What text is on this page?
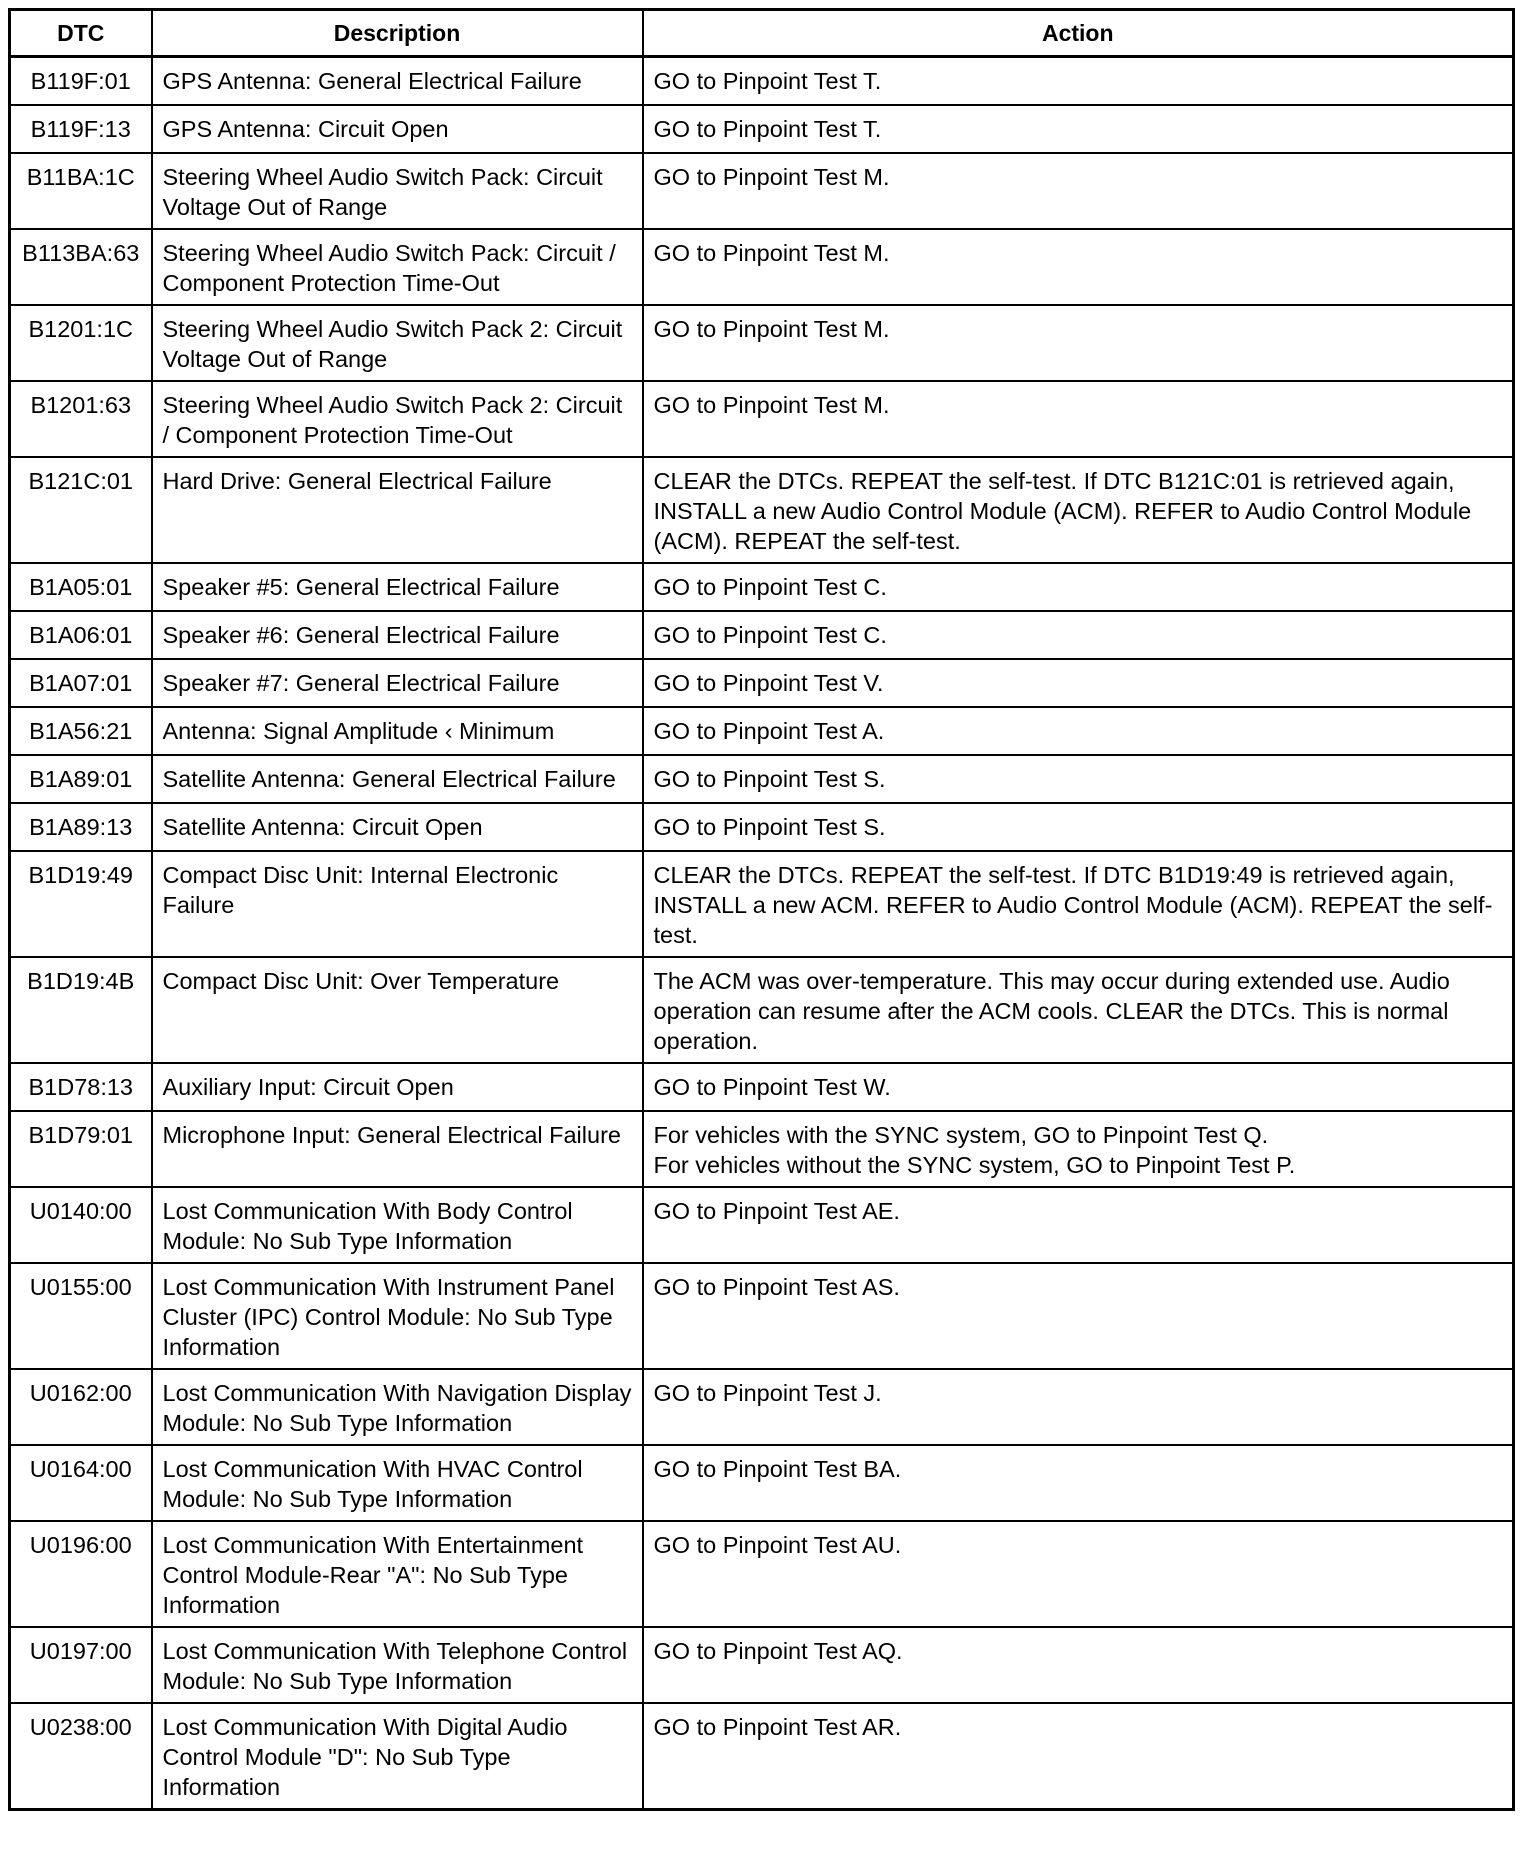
DTC	Description	Action
B119F:01	GPS Antenna: General Electrical Failure	GO to Pinpoint Test T.

B119F:13	GPS Antenna: Circuit Open	GO to Pinpoint Test T.

B11BA:1C	Steering Wheel Audio Switch Pack: Circuit Voltage Out of Range	GO to Pinpoint Test M.

B113BA:63	Steering Wheel Audio Switch Pack: Circuit / Component Protection Time-Out	GO to Pinpoint Test M.

B1201:1C	Steering Wheel Audio Switch Pack 2: Circuit Voltage Out of Range	GO to Pinpoint Test M.

B1201:63	Steering Wheel Audio Switch Pack 2: Circuit / Component Protection Time-Out	GO to Pinpoint Test M.

B121C:01	Hard Drive: General Electrical Failure	CLEAR the DTCs. REPEAT the self-test. If DTC B121C:01 is retrieved again, INSTALL a new Audio Control Module (ACM). REFER to Audio Control Module (ACM). REPEAT the self-test.

B1A05:01	Speaker #5: General Electrical Failure	GO to Pinpoint Test C.

B1A06:01	Speaker #6: General Electrical Failure	GO to Pinpoint Test C.

B1A07:01	Speaker #7: General Electrical Failure	GO to Pinpoint Test V.

B1A56:21	Antenna: Signal Amplitude ‹ Minimum	GO to Pinpoint Test A.

B1A89:01	Satellite Antenna: General Electrical Failure	GO to Pinpoint Test S.

B1A89:13	Satellite Antenna: Circuit Open	GO to Pinpoint Test S.

B1D19:49	Compact Disc Unit: Internal Electronic Failure	CLEAR the DTCs. REPEAT the self-test. If DTC B1D19:49 is retrieved again, INSTALL a new ACM. REFER to Audio Control Module (ACM). REPEAT the self-test.

B1D19:4B	Compact Disc Unit: Over Temperature	The ACM was over-temperature. This may occur during extended use. Audio operation can resume after the ACM cools. CLEAR the DTCs. This is normal operation.

B1D78:13	Auxiliary Input: Circuit Open	GO to Pinpoint Test W.

B1D79:01	Microphone Input: General Electrical Failure	For vehicles with the SYNC system, GO to Pinpoint Test Q.
For vehicles without the SYNC system, GO to Pinpoint Test P.

U0140:00	Lost Communication With Body Control Module: No Sub Type Information	GO to Pinpoint Test AE.

U0155:00	Lost Communication With Instrument Panel Cluster (IPC) Control Module: No Sub Type Information	GO to Pinpoint Test AS.

U0162:00	Lost Communication With Navigation Display Module: No Sub Type Information	GO to Pinpoint Test J.

U0164:00	Lost Communication With HVAC Control Module: No Sub Type Information	GO to Pinpoint Test BA.

U0196:00	Lost Communication With Entertainment Control Module-Rear "A": No Sub Type Information	GO to Pinpoint Test AU.

U0197:00	Lost Communication With Telephone Control Module: No Sub Type Information	GO to Pinpoint Test AQ.

U0238:00	Lost Communication With Digital Audio Control Module "D": No Sub Type Information	GO to Pinpoint Test AR.
